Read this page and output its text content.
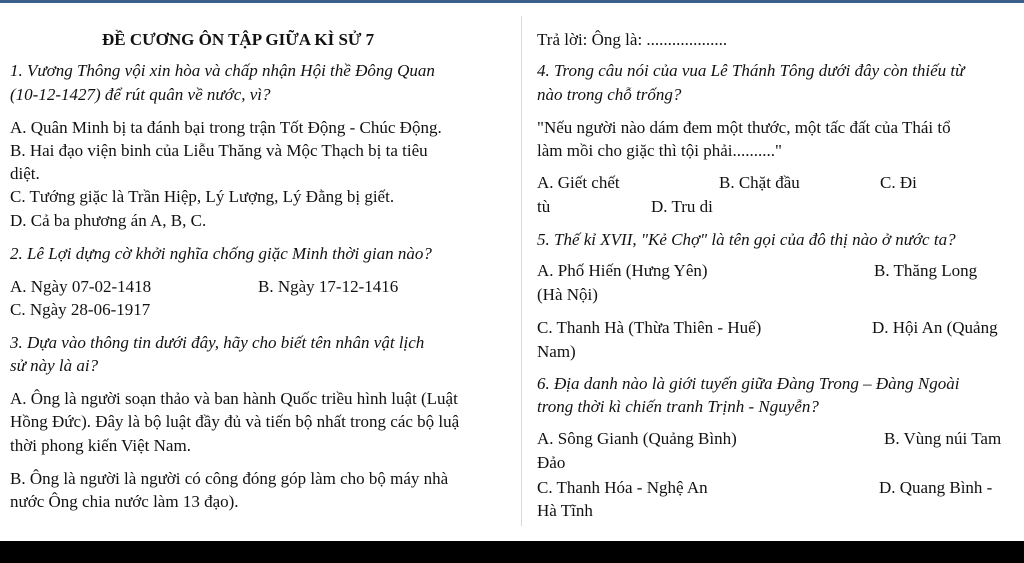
ĐỀ CƯƠNG ÔN TẬP GIỮA KÌ SỬ 7
1. Vương Thông vội xin hòa và chấp nhận Hội thề Đông Quan
(10-12-1427) để rút quân về nước, vì?
A. Quân Minh bị ta đánh bại trong trận Tốt Động - Chúc Động.
B. Hai đạo viện binh của Liễu Thăng và Mộc Thạch bị ta tiêu
diệt.
C. Tướng giặc là Trần Hiệp, Lý Lượng, Lý Đằng bị giết.
D. Cả ba phương án A, B, C.
2. Lê Lợi dựng cờ khởi nghĩa chống giặc Minh thời gian nào?
A. Ngày 07-02-1418	B. Ngày 17-12-1416
C. Ngày 28-06-1917
3. Dựa vào thông tin dưới đây, hãy cho biết tên nhân vật lịch
sử này là ai?
A. Ông là người soạn thảo và ban hành Quốc triều hình luật (Luật
Hồng Đức). Đây là bộ luật đầy đủ và tiến bộ nhất trong các bộ luậ
thời phong kiến Việt Nam.
B. Ông là người là người có công đóng góp làm cho bộ máy nhà
nước Ông chia nước làm 13 đạo).
Trả lời: Ông là: ...................
4. Trong câu nói của vua Lê Thánh Tông dưới đây còn thiếu từ
nào trong chỗ trống?
"Nếu người nào dám đem một thước, một tấc đất của Thái tổ
làm mồi cho giặc thì tội phải.........."
A. Giết chết	B. Chặt đầu	C. Đi
tù	D. Tru di
5. Thế kỉ XVII, "Kẻ Chợ" là tên gọi của đô thị nào ở nước ta?
A. Phố Hiến (Hưng Yên)	B. Thăng Long
(Hà Nội)
C. Thanh Hà (Thừa Thiên - Huế)	D. Hội An (Quảng
Nam)
6. Địa danh nào là giới tuyến giữa Đàng Trong – Đàng Ngoài
trong thời kì chiến tranh Trịnh - Nguyễn?
A. Sông Gianh (Quảng Bình)	B. Vùng núi Tam
Đảo
C. Thanh Hóa - Nghệ An	D. Quang Bình -
Hà Tĩnh
